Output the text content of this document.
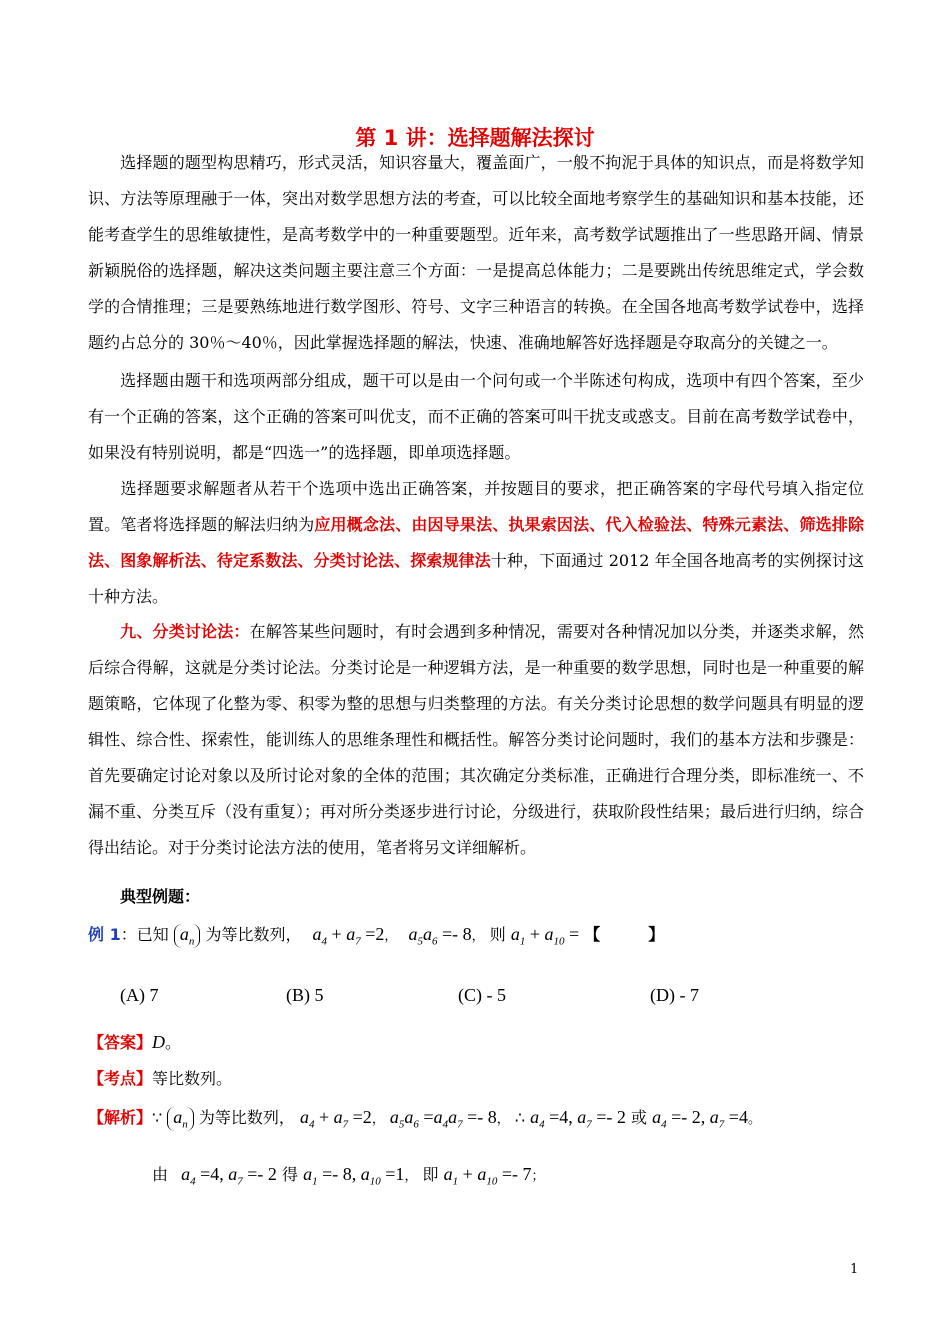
第 1 讲：选择题解法探讨
选择题的题型构思精巧，形式灵活，知识容量大，覆盖面广，一般不拘泥于具体的知识点，而是将数学知识、方法等原理融于一体，突出对数学思想方法的考查，可以比较全面地考察学生的基础知识和基本技能，还能考查学生的思维敏捷性，是高考数学中的一种重要题型。近年来，高考数学试题推出了一些思路开阔、情景新颖脱俗的选择题，解决这类问题主要注意三个方面：一是提高总体能力；二是要跳出传统思维定式，学会数学的合情推理；三是要熟练地进行数学图形、符号、文字三种语言的转换。在全国各地高考数学试卷中，选择题约占总分的 30％～40％，因此掌握选择题的解法，快速、准确地解答好选择题是夺取高分的关键之一。
选择题由题干和选项两部分组成，题干可以是由一个问句或一个半陈述句构成，选项中有四个答案，至少有一个正确的答案，这个正确的答案可叫优支，而不正确的答案可叫干扰支或惑支。目前在高考数学试卷中，如果没有特别说明，都是“四选一”的选择题，即单项选择题。
选择题要求解题者从若干个选项中选出正确答案，并按题目的要求，把正确答案的字母代号填入指定位置。笔者将选择题的解法归纳为应用概念法、由因导果法、执果索因法、代入检验法、特殊元素法、筛选排除法、图象解析法、待定系数法、分类讨论法、探索规律法十种，下面通过 2012 年全国各地高考的实例探讨这十种方法。
九、分类讨论法：在解答某些问题时，有时会遇到多种情况，需要对各种情况加以分类，并逐类求解，然后综合得解，这就是分类讨论法。分类讨论是一种逻辑方法，是一种重要的数学思想，同时也是一种重要的解题策略，它体现了化整为零、积零为整的思想与归类整理的方法。有关分类讨论思想的数学问题具有明显的逻辑性、综合性、探索性，能训练人的思维条理性和概括性。解答分类讨论问题时，我们的基本方法和步骤是：首先要确定讨论对象以及所讨论对象的全体的范围；其次确定分类标准，正确进行合理分类，即标准统一、不漏不重、分类互斥（没有重复）；再对所分类逐步进行讨论，分级进行，获取阶段性结果；最后进行归纳，综合得出结论。对于分类讨论法方法的使用，笔者将另文详细解析。
典型例题：
例 1：已知 $a_n$ 为等比数列， $a_4 + a_7 =2$， $a_5a_6 =- 8$， 则 $a_1 + a_{10}$ = 【　　　】
(A) 7	(B) 5	(C) - 5	(D) - 7
【答案】D。
【考点】等比数列。
【解析】∵ $a_n$ 为等比数列， $a_4 + a_7 =2$， $a_5a_6 =a_4a_7 =- 8$， ∴ $a_4 =4$, $a_7 =- 2$ 或 $a_4 =- 2$, $a_7 =4$。
由 $a_4 =4$, $a_7 =- 2$ 得 $a_1 =- 8$, $a_{10} =1$， 即 $a_1 + a_{10} =- 7$；
1
